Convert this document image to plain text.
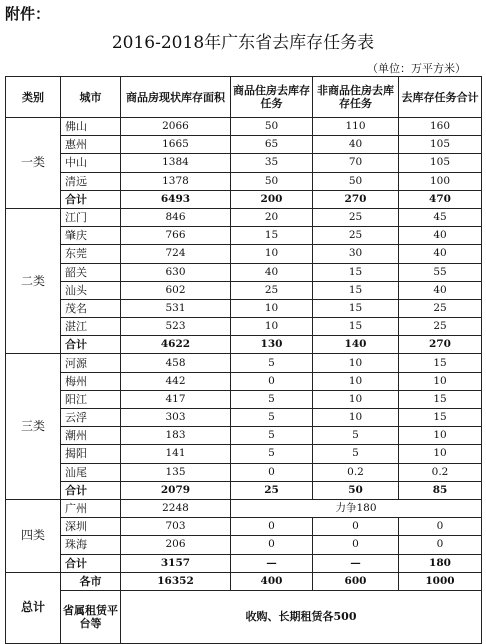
附件：
2016-2018年广东省去库存任务表
（单位：万平方米）
类别	城市	商品房现状库存面积	商品住房去库存任务	非商品住房去库存任务	去库存任务合计
一类	佛山	2066	50	110	160
	惠州	1665	65	40	105
	中山	1384	35	70	105
	清远	1378	50	50	100
	合计	6493	200	270	470
二类	江门	846	20	25	45
	肇庆	766	15	25	40
	东莞	724	10	30	40
	韶关	630	40	15	55
	汕头	602	25	15	40
	茂名	531	10	15	25
	湛江	523	10	15	25
	合计	4622	130	140	270
三类	河源	458	5	10	15
	梅州	442	0	10	10
	阳江	417	5	10	15
	云浮	303	5	10	15
	潮州	183	5	5	10
	揭阳	141	5	5	10
	汕尾	135	0	0.2	0.2
	合计	2079	25	50	85
四类	广州	2248	力争180		
	深圳	703	0	0	0
	珠海	206	0	0	0
	合计	3157	—	—	180
总计	各市	16352	400	600	1000
	省属租赁平台等	收购、长期租赁各500			
